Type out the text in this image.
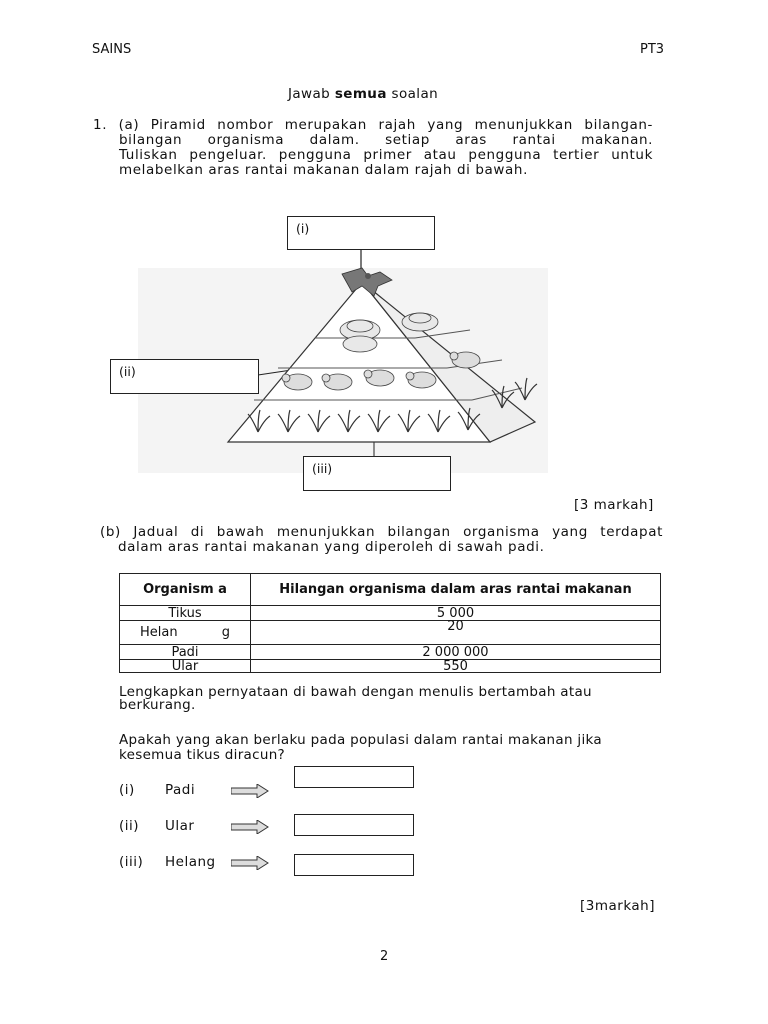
SAINS	PT3
Jawab semua soalan
1. (a) Piramid nombor merupakan rajah yang menunjukkan bilangan-
bilangan organisma dalam. setiap aras rantai makanan.
Tuliskan pengeluar. pengguna primer atau pengguna tertier untuk
melabelkan aras rantai makanan dalam rajah di bawah.
(i)
(ii)
(iii)
[3 markah]
(b) Jadual di bawah menunjukkan bilangan organisma yang terdapat
dalam aras rantai makanan yang diperoleh di sawah padi.
Organism a	Hilangan organisma dalam aras rantai makanan
Tikus	5 000
Helan g	20
Padi	2 000 000
Ular	550
Lengkapkan pernyataan di bawah dengan menulis bertambah atau berkurang.
Apakah yang akan berlaku pada populasi dalam rantai makanan jika kesemua tikus diracun?
(i) Padi
(ii) Ular
(iii) Helang
[3markah]
2
